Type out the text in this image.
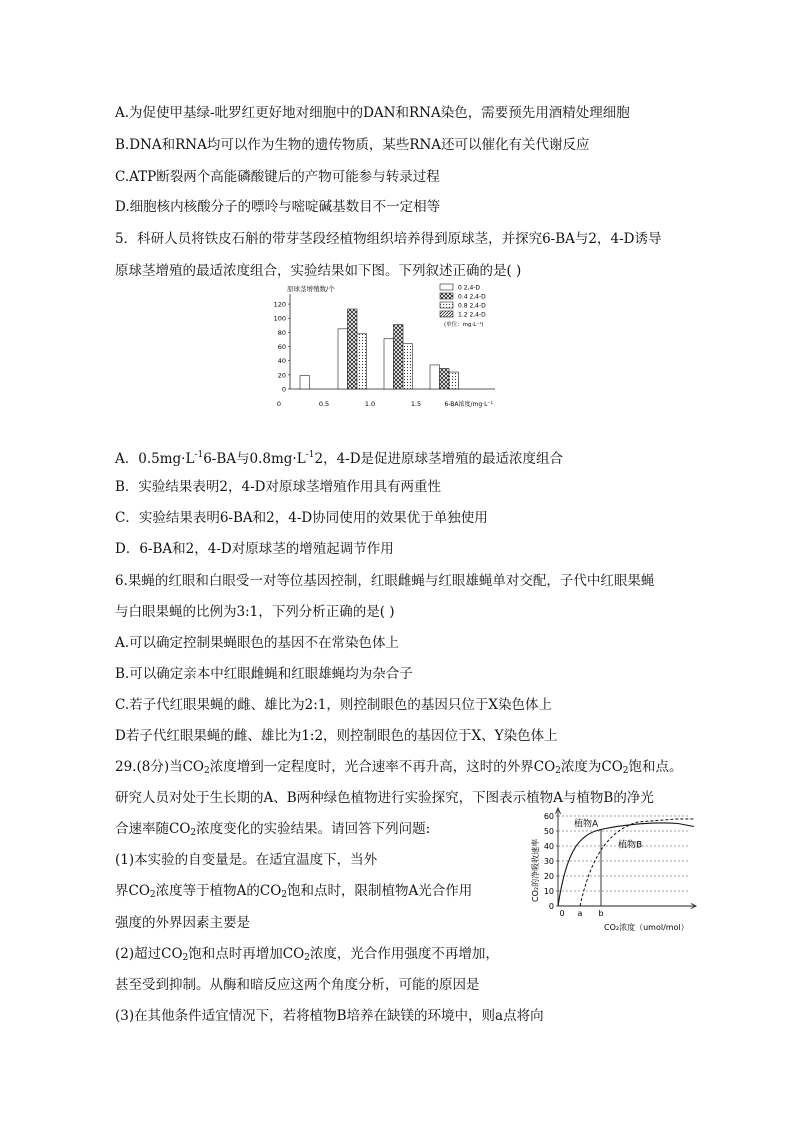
A.为促使甲基绿-吡罗红更好地对细胞中的DAN和RNA染色，需要预先用酒精处理细胞
B.DNA和RNA均可以作为生物的遗传物质，某些RNA还可以催化有关代谢反应
C.ATP断裂两个高能磷酸键后的产物可能参与转录过程
D.细胞核内核酸分子的嘌呤与嘧啶碱基数目不一定相等
5．科研人员将铁皮石斛的带芽茎段经植物组织培养得到原球茎，并探究6-BA与2，4-D诱导
原球茎增殖的最适浓度组合，实验结果如下图。下列叙述正确的是( )
原球茎增殖数/个
0
20
40
60
80
100
120
0	0.5	1.0	1.5	6-BA浓度/mg·L⁻¹
0 2,4-D
0.4 2,4-D
0.8 2,4-D
1.2 2,4-D
(单位：mg·L⁻¹)
A．$0.5mg\cdot L^{-1}6-BA$与$0.8mg\cdot L^{-1}2$，4-D是促进原球茎增殖的最适浓度组合
B．实验结果表明2，4-D对原球茎增殖作用具有两重性
C．实验结果表明6-BA和2，4-D协同使用的效果优于单独使用
D．6-BA和2，4-D对原球茎的增殖起调节作用
6.果蝇的红眼和白眼受一对等位基因控制，红眼雌蝇与红眼雄蝇单对交配，子代中红眼果蝇
与白眼果蝇的比例为3:1，下列分析正确的是( )
A.可以确定控制果蝇眼色的基因不在常染色体上
B.可以确定亲本中红眼雌蝇和红眼雄蝇均为杂合子
C.若子代红眼果蝇的雌、雄比为2:1，则控制眼色的基因只位于X染色体上
D若子代红眼果蝇的雌、雄比为1:2，则控制眼色的基因位于X、Y染色体上
29.(8分)当$CO_2$浓度增到一定程度时，光合速率不再升高，这时的外界$CO_2$浓度为$CO_2$饱和点。
研究人员对处于生长期的A、B两种绿色植物进行实验探究，下图表示植物A与植物B的净光
合速率随$CO_2$浓度变化的实验结果。请回答下列问题:
(1)本实验的自变量是。在适宜温度下，当外
界$CO_2$浓度等于植物A的$CO_2$饱和点时，限制植物A光合作用
强度的外界因素主要是
(2)超过$CO_2$饱和点时再增加$CO_2$浓度，光合作用强度不再增加，
甚至受到抑制。从酶和暗反应这两个角度分析，可能的原因是
(3)在其他条件适宜情况下，若将植物B培养在缺镁的环境中，则a点将向
0
10
20
30
40
50
60
CO₂的净吸收速率
0 a b
CO₂浓度（umol/mol）
植物A
植物B
